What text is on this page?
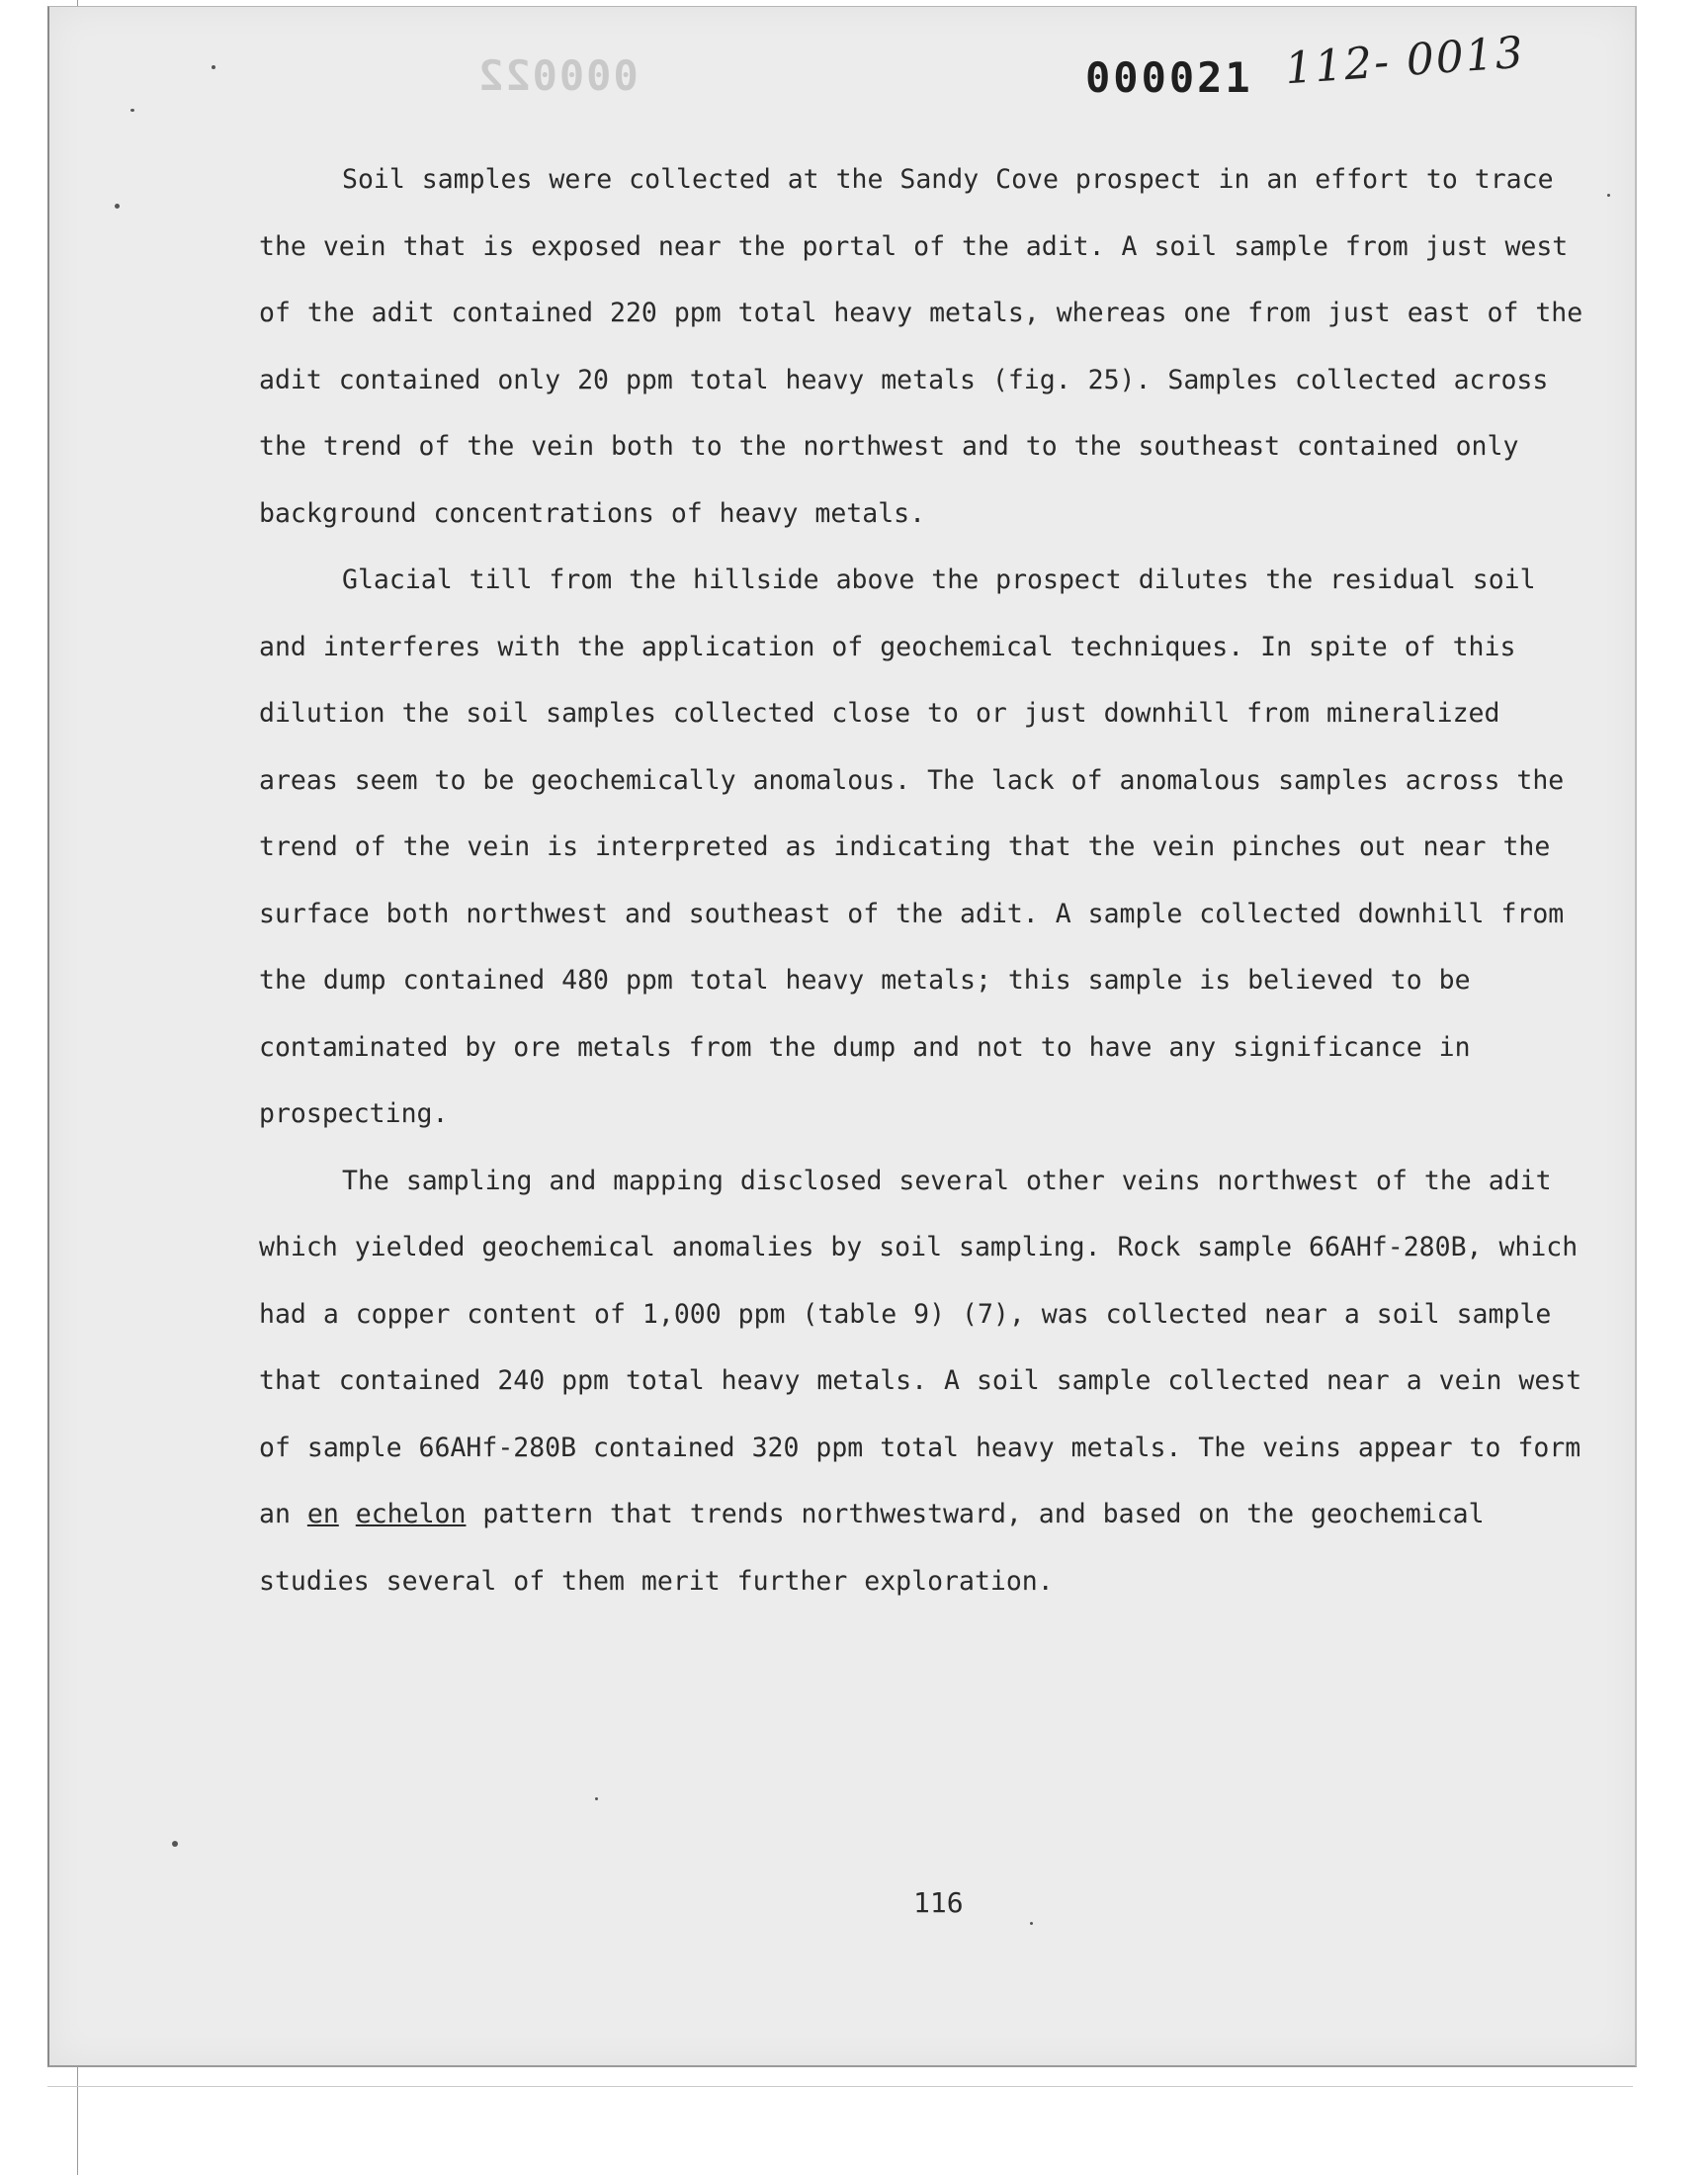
000022	000021 112- 0013

Soil samples were collected at the Sandy Cove prospect in an effort to trace the vein that is exposed near the portal of the adit. A soil sample from just west of the adit contained 220 ppm total heavy metals, whereas one from just east of the adit contained only 20 ppm total heavy metals (fig. 25). Samples collected across the trend of the vein both to the northwest and to the southeast contained only background concentrations of heavy metals.

Glacial till from the hillside above the prospect dilutes the residual soil and interferes with the application of geochemical techniques. In spite of this dilution the soil samples collected close to or just downhill from mineralized areas seem to be geochemically anomalous. The lack of anomalous samples across the trend of the vein is interpreted as indicating that the vein pinches out near the surface both northwest and southeast of the adit. A sample collected downhill from the dump contained 480 ppm total heavy metals; this sample is believed to be contaminated by ore metals from the dump and not to have any significance in prospecting.

The sampling and mapping disclosed several other veins northwest of the adit which yielded geochemical anomalies by soil sampling. Rock sample 66AHf-280B, which had a copper content of 1,000 ppm (table 9) (7), was collected near a soil sample that contained 240 ppm total heavy metals. A soil sample collected near a vein west of sample 66AHf-280B contained 320 ppm total heavy metals. The veins appear to form an en echelon pattern that trends northwestward, and based on the geochemical studies several of them merit further exploration.

116
